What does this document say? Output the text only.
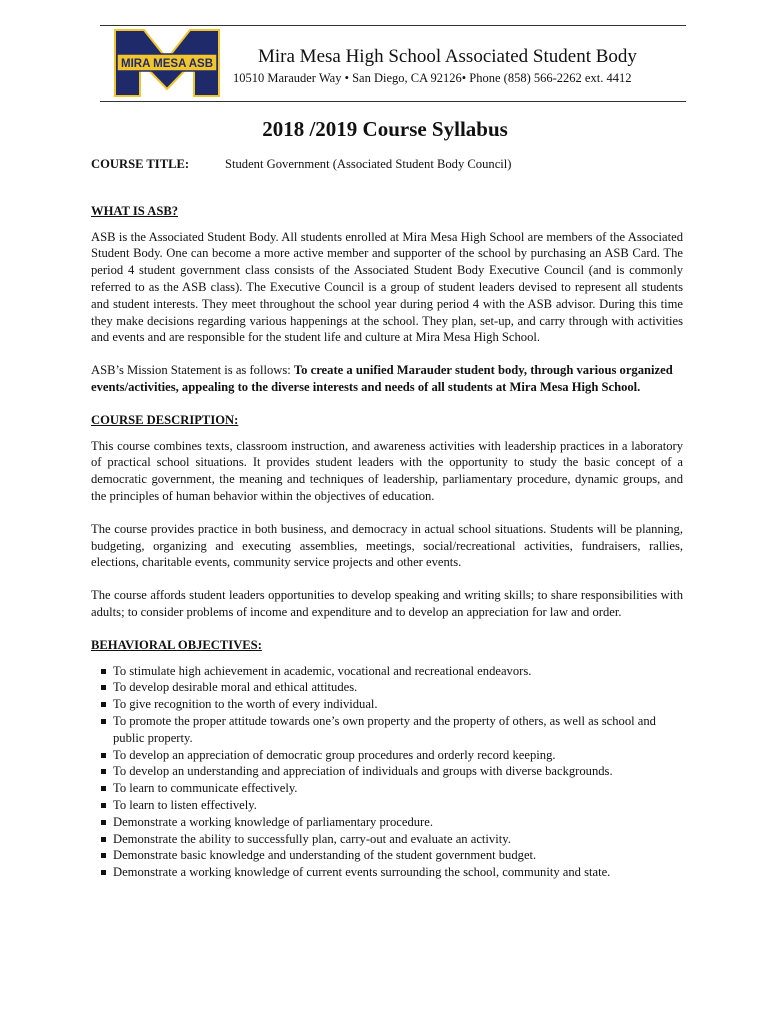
MIRA MESA ASB Mira Mesa High School Associated Student Body
10510 Marauder Way • San Diego, CA 92126• Phone (858) 566-2262 ext. 4412
2018 /2019 Course Syllabus
COURSE TITLE:	Student Government (Associated Student Body Council)
WHAT IS ASB?

ASB is the Associated Student Body. All students enrolled at Mira Mesa High School are members of the Associated Student Body. One can become a more active member and supporter of the school by purchasing an ASB Card. The period 4 student government class consists of the Associated Student Body Executive Council (and is commonly referred to as the ASB class). The Executive Council is a group of student leaders devised to represent all students and student interests. They meet throughout the school year during period 4 with the ASB advisor. During this time they make decisions regarding various happenings at the school. They plan, set-up, and carry through with activities and events and are responsible for the student life and culture at Mira Mesa High School.

ASB’s Mission Statement is as follows: To create a unified Marauder student body, through various organized events/activities, appealing to the diverse interests and needs of all students at Mira Mesa High School.

COURSE DESCRIPTION:

This course combines texts, classroom instruction, and awareness activities with leadership practices in a laboratory of practical school situations. It provides student leaders with the opportunity to study the basic concept of a democratic government, the meaning and techniques of leadership, parliamentary procedure, dynamic groups, and the principles of human behavior within the objectives of education.

The course provides practice in both business, and democracy in actual school situations. Students will be planning, budgeting, organizing and executing assemblies, meetings, social/recreational activities, fundraisers, rallies, elections, charitable events, community service projects and other events.

The course affords student leaders opportunities to develop speaking and writing skills; to share responsibilities with adults; to consider problems of income and expenditure and to develop an appreciation for law and order.

BEHAVIORAL OBJECTIVES:
To stimulate high achievement in academic, vocational and recreational endeavors.
To develop desirable moral and ethical attitudes.
To give recognition to the worth of every individual.
To promote the proper attitude towards one’s own property and the property of others, as well as school and public property.
To develop an appreciation of democratic group procedures and orderly record keeping.
To develop an understanding and appreciation of individuals and groups with diverse backgrounds.
To learn to communicate effectively.
To learn to listen effectively.
Demonstrate a working knowledge of parliamentary procedure.
Demonstrate the ability to successfully plan, carry-out and evaluate an activity.
Demonstrate basic knowledge and understanding of the student government budget.
Demonstrate a working knowledge of current events surrounding the school, community and state.
